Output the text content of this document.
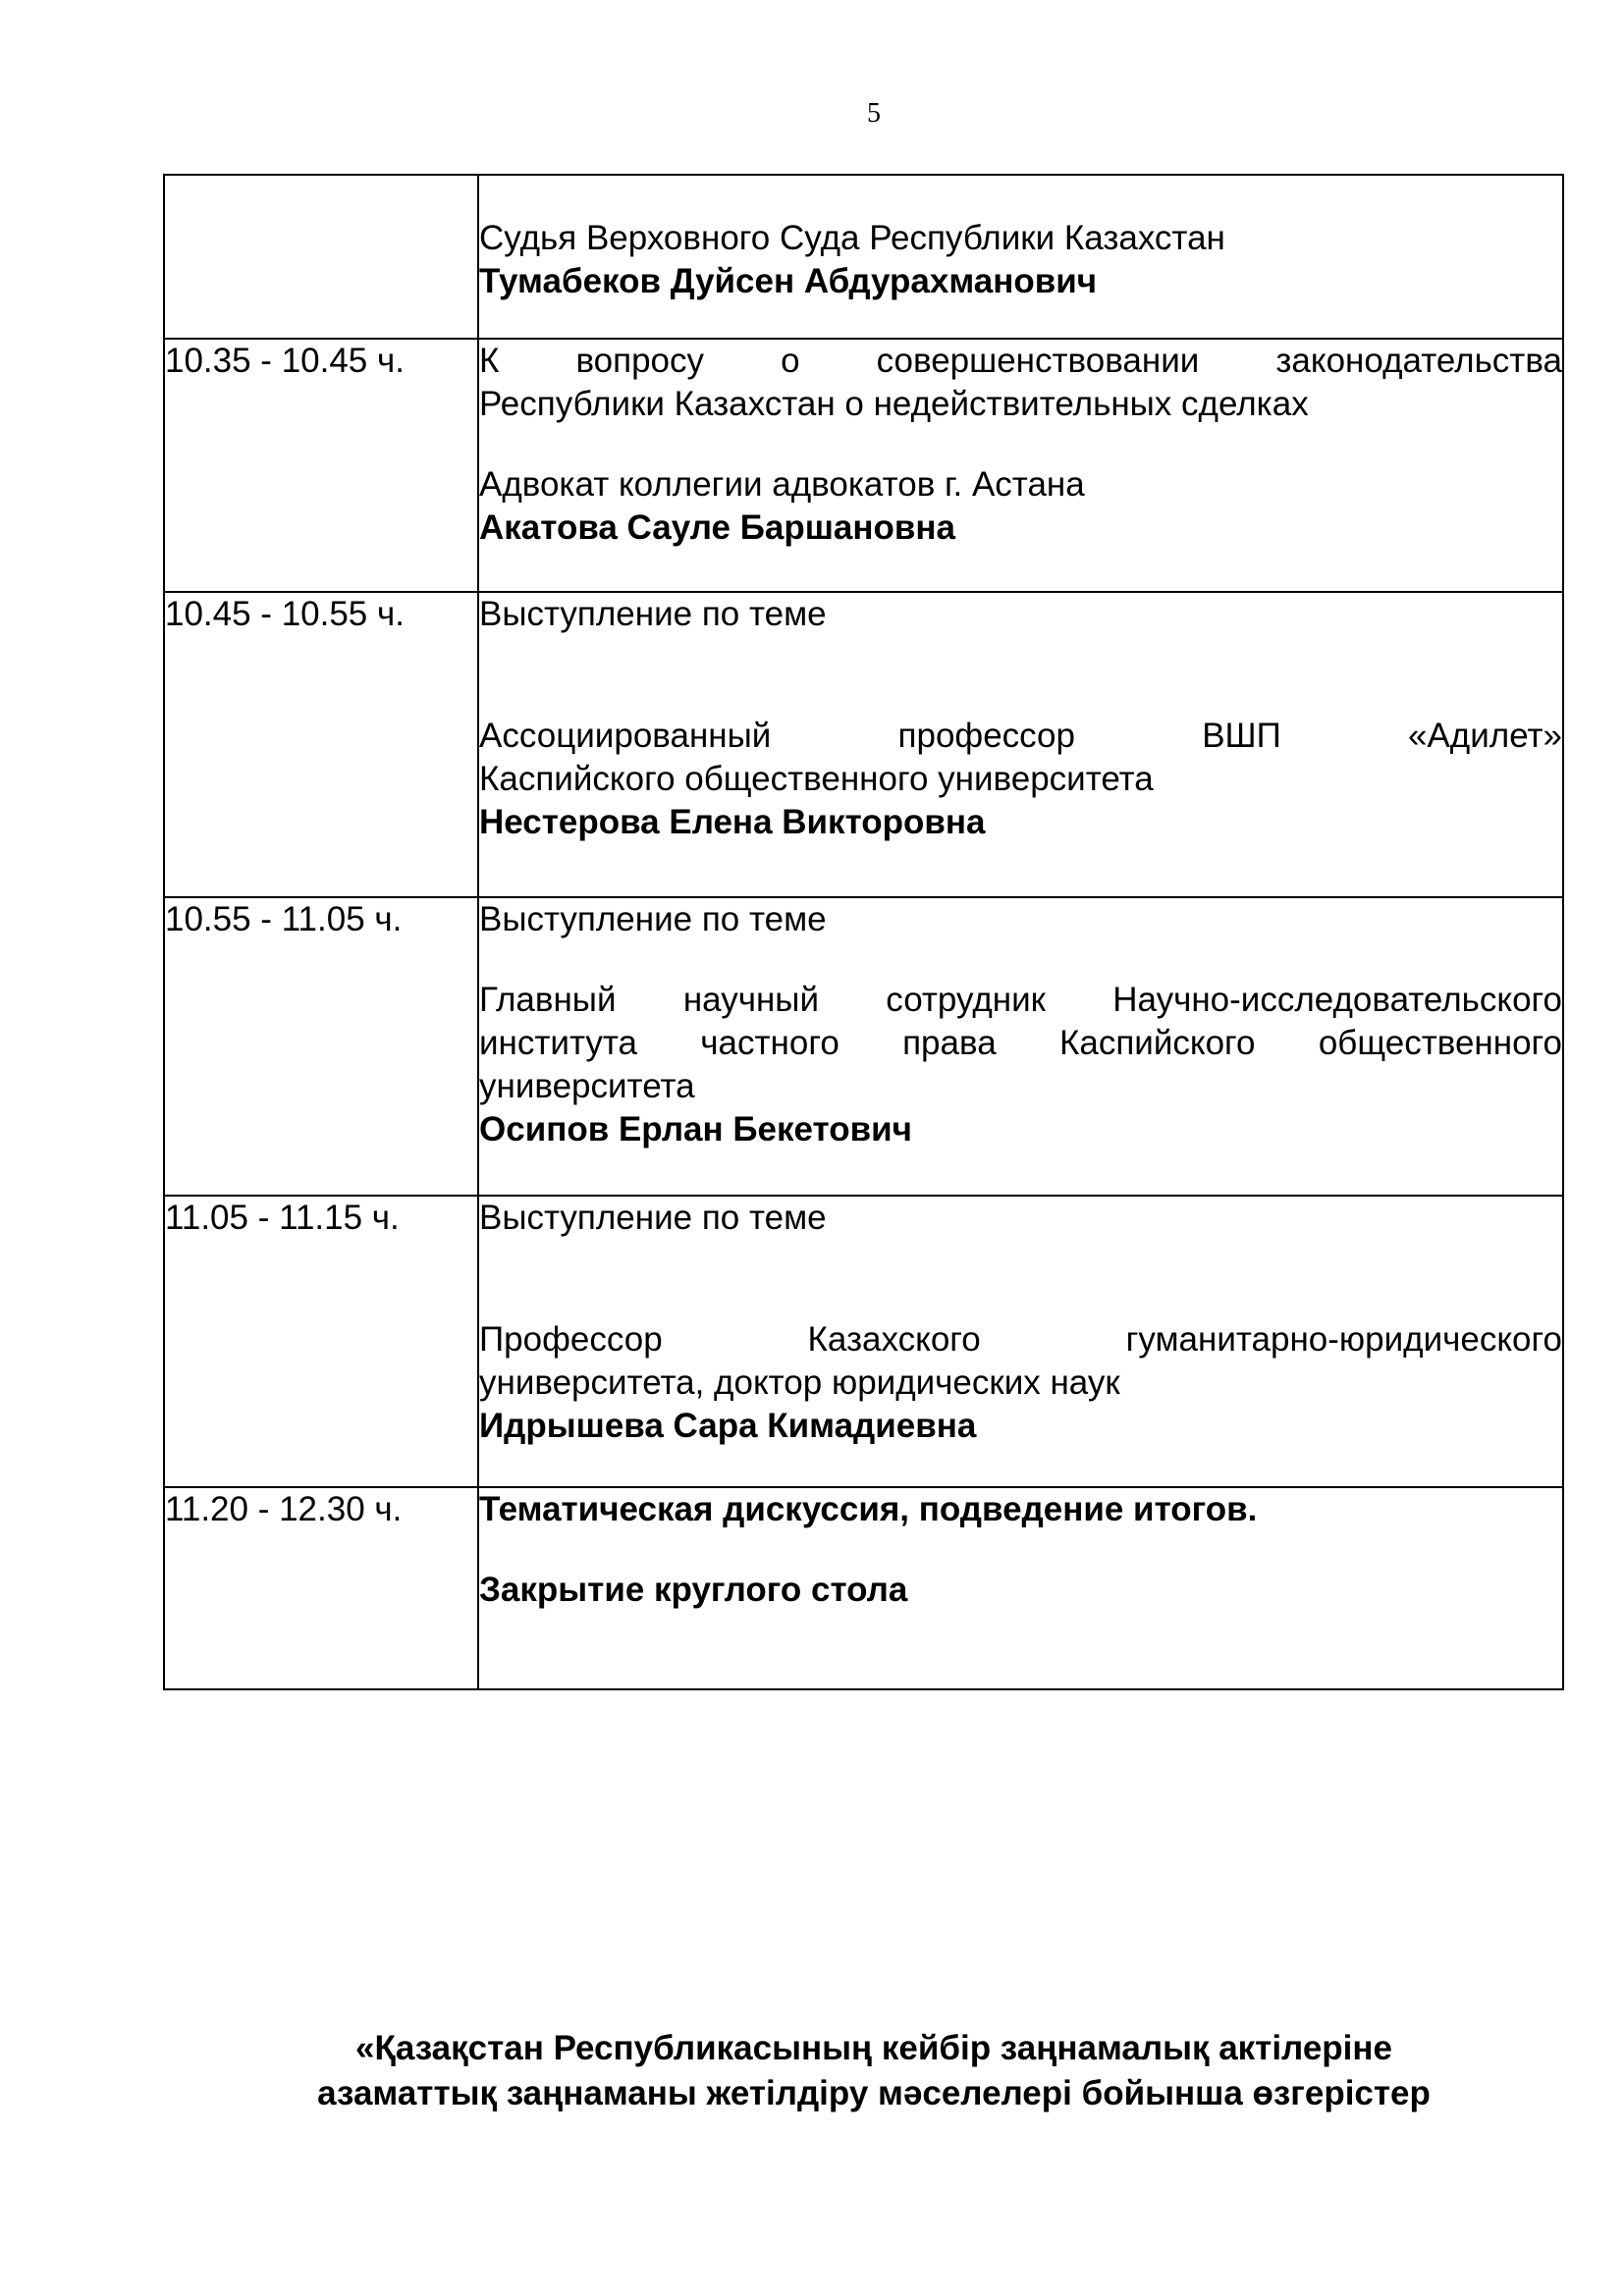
5

	Судья Верховного Суда Республики Казахстан

Тумабеков Дуйсен Абдурахманович

10.35 - 10.45 ч.	К вопросу о совершенствовании законодательства

Республики Казахстан о недействительных сделках

Адвокат коллегии адвокатов г. Астана

Акатова Сауле Баршановна

10.45 - 10.55 ч.	Выступление по теме

Ассоциированный профессор ВШП «Адилет»

Каспийского общественного университета

Нестерова Елена Викторовна

10.55 - 11.05 ч.	Выступление по теме

Главный научный сотрудник Научно-исследовательского

института частного права Каспийского общественного

университета

Осипов Ерлан Бекетович

11.05 - 11.15 ч.	Выступление по теме

Профессор Казахского гуманитарно-юридического

университета, доктор юридических наук

Идрышева Сара Кимадиевна

11.20 - 12.30 ч.	Тематическая дискуссия, подведение итогов.

Закрытие круглого стола

«Қазақстан Республикасының кейбір заңнамалық актілеріне

азаматтық заңнаманы жетілдіру мәселелері бойынша өзгерістер
